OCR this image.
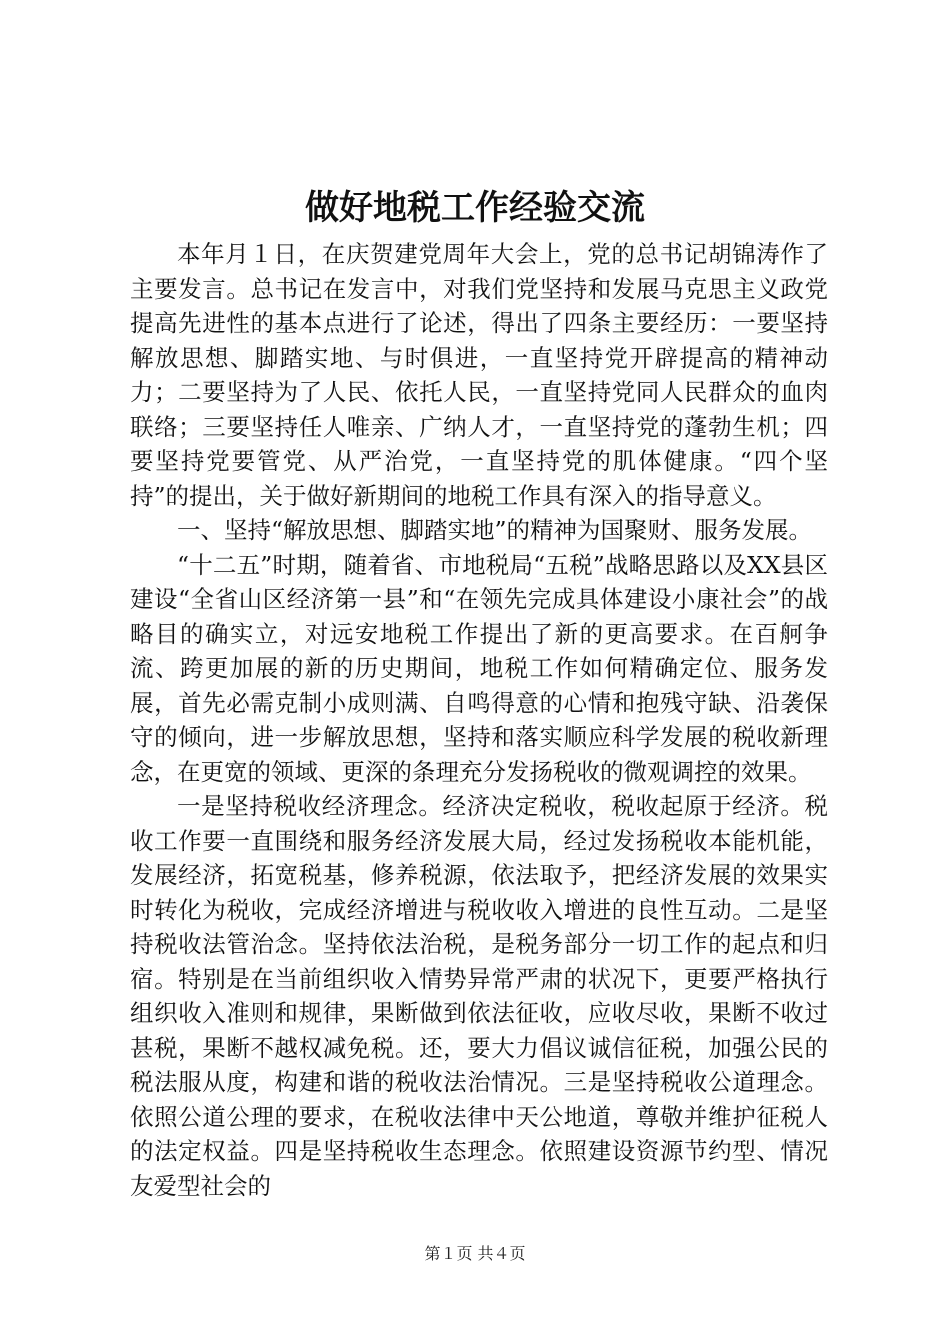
做好地税工作经验交流

本年月１日，在庆贺建党周年大会上，党的总书记胡锦涛作了主要发言。总书记在发言中，对我们党坚持和发展马克思主义政党提高先进性的基本点进行了论述，得出了四条主要经历：一要坚持解放思想、脚踏实地、与时俱进，一直坚持党开辟提高的精神动力；二要坚持为了人民、依托人民，一直坚持党同人民群众的血肉联络；三要坚持任人唯亲、广纳人才，一直坚持党的蓬勃生机；四要坚持党要管党、从严治党，一直坚持党的肌体健康。“四个坚持”的提出，关于做好新期间的地税工作具有深入的指导意义。

一、坚持“解放思想、脚踏实地”的精神为国聚财、服务发展。

“十二五”时期，随着省、市地税局“五税”战略思路以及XX县区建设“全省山区经济第一县”和“在领先完成具体建设小康社会”的战略目的确实立，对远安地税工作提出了新的更高要求。在百舸争流、跨更加展的新的历史期间，地税工作如何精确定位、服务发展，首先必需克制小成则满、自鸣得意的心情和抱残守缺、沿袭保守的倾向，进一步解放思想，坚持和落实顺应科学发展的税收新理念，在更宽的领域、更深的条理充分发扬税收的微观调控的效果。

一是坚持税收经济理念。经济决定税收，税收起原于经济。税收工作要一直围绕和服务经济发展大局，经过发扬税收本能机能，发展经济，拓宽税基，修养税源，依法取予，把经济发展的效果实时转化为税收，完成经济增进与税收收入增进的良性互动。二是坚持税收法管治念。坚持依法治税，是税务部分一切工作的起点和归宿。特别是在当前组织收入情势异常严肃的状况下，更要严格执行组织收入准则和规律，果断做到依法征收，应收尽收，果断不收过甚税，果断不越权减免税。还，要大力倡议诚信征税，加强公民的税法服从度，构建和谐的税收法治情况。三是坚持税收公道理念。依照公道公理的要求，在税收法律中天公地道，尊敬并维护征税人的法定权益。四是坚持税收生态理念。依照建设资源节约型、情况友爱型社会的

第１页 共４页
